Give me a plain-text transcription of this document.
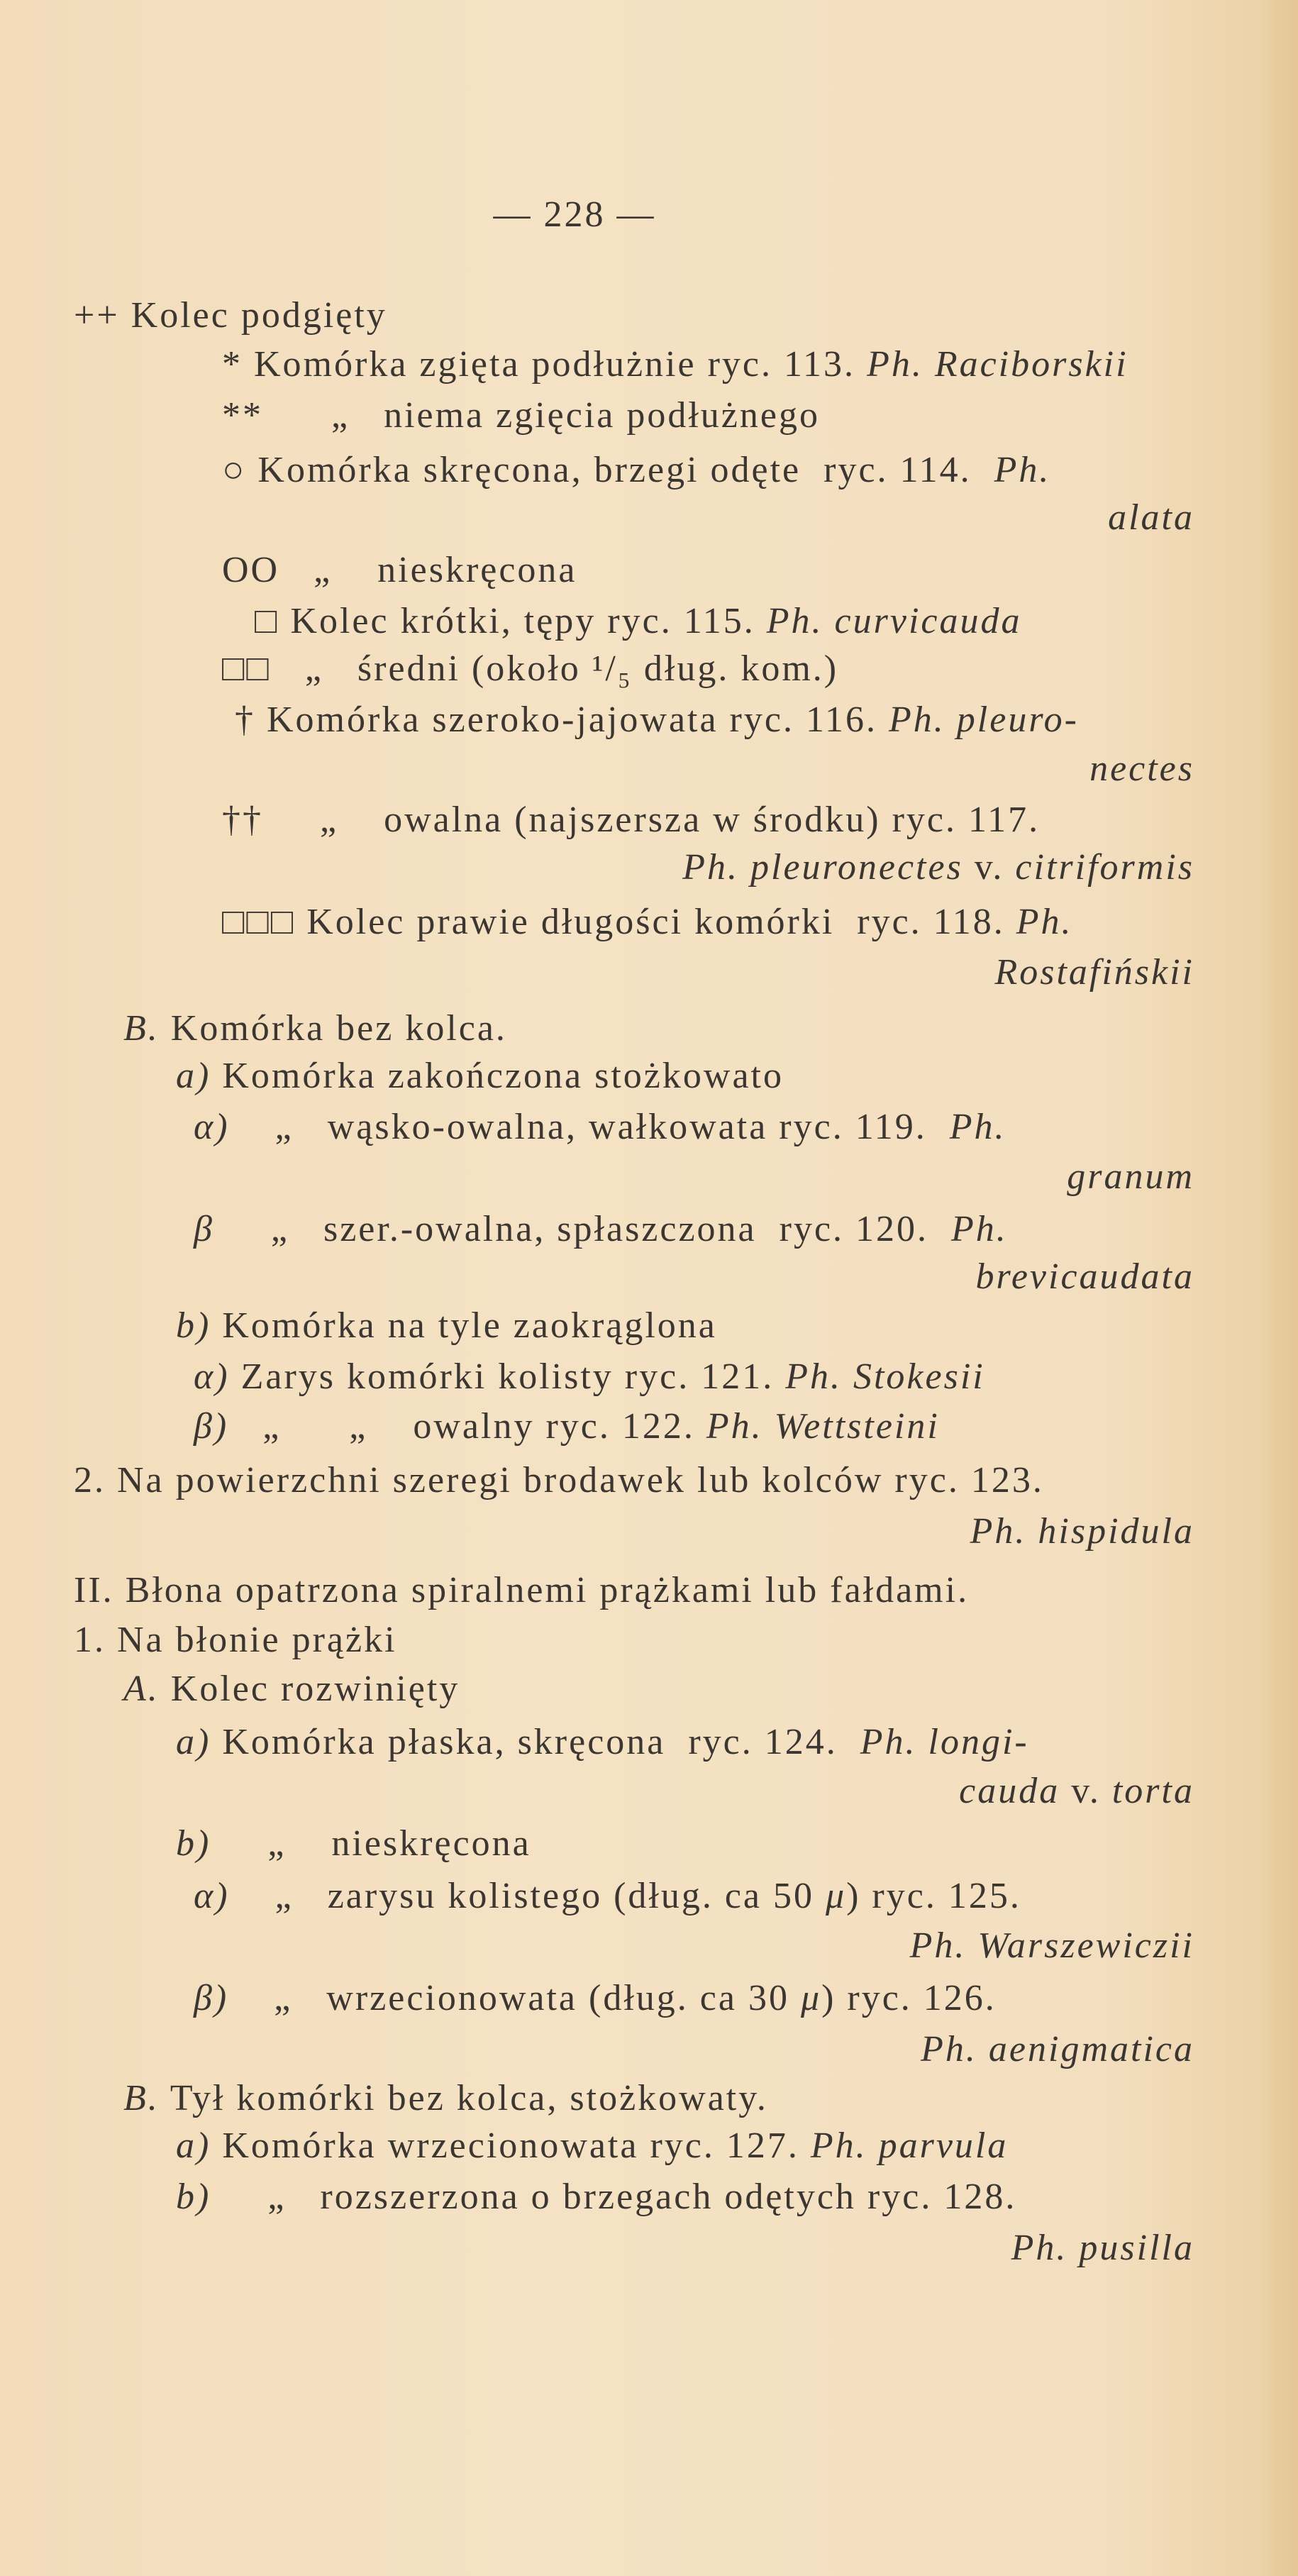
— 228 —
++ Kolec podgięty
* Komórka zgięta podłużnie ryc. 113. Ph. Raciborskii
**      „   niema zgięcia podłużnego
○ Komórka skręcona, brzegi odęte  ryc. 114.  Ph.
alata
OO   „    nieskręcona
□ Kolec krótki, tępy ryc. 115. Ph. curvicauda
□□   „   średni (około ¹/₅ dług. kom.)
† Komórka szeroko-jajowata ryc. 116. Ph. pleuro-
nectes
††     „    owalna (najszersza w środku) ryc. 117.
Ph. pleuronectes v. citriformis
□□□ Kolec prawie długości komórki  ryc. 118. Ph.
Rostafińskii
B. Komórka bez kolca.
a) Komórka zakończona stożkowato
α)    „   wąsko-owalna, wałkowata ryc. 119.  Ph.
granum
β     „   szer.-owalna, spłaszczona  ryc. 120.  Ph.
brevicaudata
b) Komórka na tyle zaokrąglona
α) Zarys komórki kolisty ryc. 121. Ph. Stokesii
β)   „      „    owalny ryc. 122. Ph. Wettsteini
2. Na powierzchni szeregi brodawek lub kolców ryc. 123.
Ph. hispidula
II. Błona opatrzona spiralnemi prążkami lub fałdami.
1. Na błonie prążki
A. Kolec rozwinięty
a) Komórka płaska, skręcona  ryc. 124.  Ph. longi-
cauda v. torta
b)     „    nieskręcona
α)    „   zarysu kolistego (dług. ca 50 μ) ryc. 125.
Ph. Warszewiczii
β)    „   wrzecionowata (dług. ca 30 μ) ryc. 126.
Ph. aenigmatica
B. Tył komórki bez kolca, stożkowaty.
a) Komórka wrzecionowata ryc. 127. Ph. parvula
b)     „   rozszerzona o brzegach odętych ryc. 128.
Ph. pusilla
